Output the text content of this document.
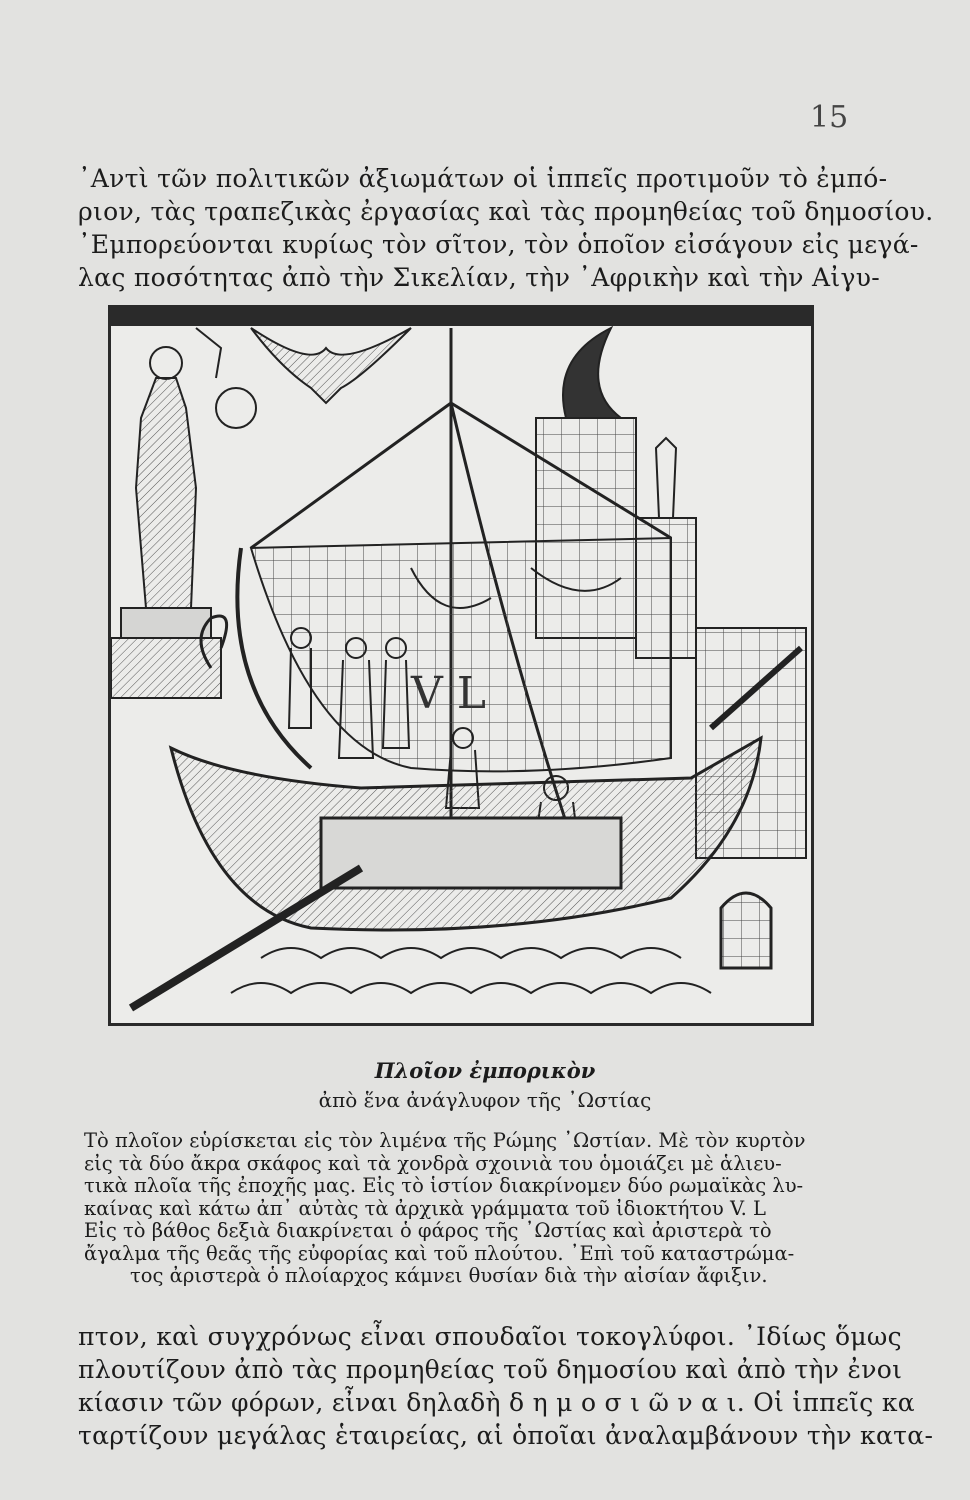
15

᾿Αντὶ τῶν πολιτικῶν ἀξιωμάτων οἱ ἱππεῖς προτιμοῦν τὸ ἐμπό-
ριον, τὰς τραπεζικὰς ἐργασίας καὶ τὰς προμηθείας τοῦ δημοσίου.
᾿Εμπορεύονται κυρίως τὸν σῖτον, τὸν ὁποῖον εἰσάγουν εἰς μεγά-
λας ποσότητας ἀπὸ τὴν Σικελίαν, τὴν ᾿Αφρικὴν καὶ τὴν Αἰγυ-

V L
Πλοῖον ἐμπορικὸν
ἀπὸ ἕνα ἀνάγλυφον τῆς ᾿Ωστίας
Τὸ πλοῖον εὑρίσκεται εἰς τὸν λιμένα τῆς Ρώμης ᾿Ωστίαν. Μὲ τὸν κυρτὸν
εἰς τὰ δύο ἄκρα σκάφος καὶ τὰ χονδρὰ σχοινιὰ του ὁμοιάζει μὲ ἁλιευ-
τικὰ πλοῖα τῆς ἐποχῆς μας. Εἰς τὸ ἱστίον διακρίνομεν δύο ρωμαϊκὰς λυ-
καίνας καὶ κάτω ἀπ᾿ αὐτὰς τὰ ἀρχικὰ γράμματα τοῦ ἰδιοκτήτου V. L
Εἰς τὸ βάθος δεξιὰ διακρίνεται ὁ φάρος τῆς ᾿Ωστίας καὶ ἀριστερὰ τὸ
ἄγαλμα τῆς θεᾶς τῆς εὐφορίας καὶ τοῦ πλούτου. ᾿Επὶ τοῦ καταστρώμα-
τος ἀριστερὰ ὁ πλοίαρχος κάμνει θυσίαν διὰ τὴν αἰσίαν ἄφιξιν.

πτον, καὶ συγχρόνως εἶναι σπουδαῖοι τοκογλύφοι. ᾿Ιδίως ὅμως
πλουτίζουν ἀπὸ τὰς προμηθείας τοῦ δημοσίου καὶ ἀπὸ τὴν ἐνοι
κίασιν τῶν φόρων, εἶναι δηλαδὴ δ η μ ο σ ι ῶ ν α ι. Οἱ ἱππεῖς κα
ταρτίζουν μεγάλας ἑταιρείας, αἱ ὁποῖαι ἀναλαμβάνουν τὴν κατα-
